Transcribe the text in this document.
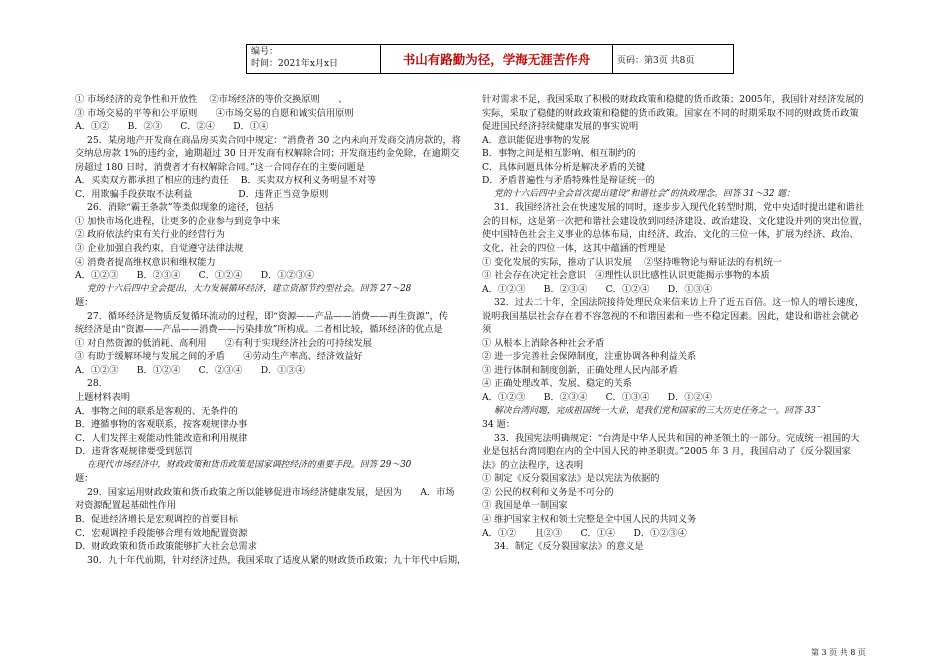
编号：
时间：2021年x月x日	书山有路勤为径，学海无涯苦作舟	页码：第3页 共8页

① 市场经济的竞争性和开放性　 ②市场经济的等价交换原则　　、

③ 市场交易的平等和公平原则　　④市场交易的自愿和诚实信用原则

A．①②　　B．②③　　C．②④　　D．①④

25．某房地产开发商在商品房买卖合同中规定：“消费者 30 之内未向开发商交清房款的，将

交纳总房款 1%的违约金，逾期超过 30 日开发商有权解除合同；开发商违约金免除，在逾期交

房超过 180 日时，消费者才有权解除合同。”这一合同存在的主要问题是

A．买卖双方都承担了相应的违约责任　 B．买卖双方权利义务明显不对等

C．用欺骗手段获取不法利益　　　　　D．违背正当竞争原则

26．消除“霸王条款”等类似现象的途径，包括

① 加快市场化进程，让更多的企业参与到竞争中来

② 政府依法约束有关行业的经营行为

③ 企业加强自我约束，自觉遵守法律法规

④ 消费者提高维权意识和维权能力

A．①②③　　B．②③④　　C．①②④　　D．①②③④

党的十六后四中全会提出，大力发展循环经济，建立资源节约型社会。回答 27～28

题：

27．循环经济是物质反复循环流动的过程，即“资源——产品——消费——再生资源”，传

统经济是由“资源——产品——消费——污染排放”所构成。二者相比较，循环经济的优点是

① 对自然资源的低消耗、高利用　　②有利于实现经济社会的可持续发展

③ 有助于缓解环境与发展之间的矛盾　　④劳动生产率高、经济效益好

A．①②③　　B．①②④　　C．②③④　　D．①③④

28．

上题材料表明

A．事物之间的联系是客观的、无条件的

B．遵循事物的客观联系，按客观规律办事

C．人们发挥主观能动性能改造和利用规律

D．违背客观规律要受到惩罚

在现代市场经济中，财政政策和货币政策是国家调控经济的重要手段。回答 29～30

题：

29．国家运用财政政策和货币政策之所以能够促进市场经济健康发展，是因为　　A．市场

对资源配置起基础性作用

B．促进经济增长是宏观调控的首要目标

C．宏观调控手段能够合理有效地配置资源

D．财政政策和货币政策能够扩大社会总需求

30．九十年代前期，针对经济过热，我国采取了适度从紧的财政货币政策；九十年代中后期，

针对需求不足，我国采取了积极的财政政策和稳健的货币政策；2005年，我国针对经济发展的

实际，采取了稳健的财政政策和稳健的货币政策。国家在不同的时期采取不同的财政货币政策

促进国民经济持续健康发展的事实说明

A．意识能促进事物的发展

B．事物之间是相互影响、相互制约的

C．具体问题具体分析是解决矛盾的关键

D．矛盾普遍性与矛盾特殊性是辩证统一的

党的十六后四中全会首次提出建设“和谐社会”的执政理念。回答 31～32 题：

31．我国经济社会在快速发展的同时，逐步步入现代化转型时期，党中央适时提出建和谐社

会的目标，这是第一次把和谐社会建设放到同经济建设、政治建设、文化建设并列的突出位置，

使中国特色社会主义事业的总体布局，由经济、政治、文化的三位一体，扩展为经济、政治、

文化、社会的四位一体，这其中蕴涵的哲理是

① 变化发展的实际，推动了认识发展　 ②坚持唯物论与辩证法的有机统一

③ 社会存在决定社会意识　④理性认识比感性认识更能揭示事物的本质

A．①②③　　B．②③④　　C．①②④　　D．①③④

32．过去二十年，全国法院接待处理民众来信来访上升了近五百倍。这一惊人的增长速度，

说明我国基层社会存在着不容忽视的不和谐因素和一些不稳定因素。因此，建设和谐社会就必

须

① 从根本上消除各种社会矛盾

② 进一步完善社会保障制度，注重协调各种利益关系

③ 进行体制和制度创新，正确处理人民内部矛盾

④ 正确处理改革、发展、稳定的关系

A．①②③　　B．②③④　　C．①③④　　D．①②④

解决台湾问题，完成祖国统一大业，是我们党和国家的三大历史任务之一。回答 33¯

34 题：

33．我国宪法明确规定：“台湾是中华人民共和国的神圣领土的一部分。完成统一祖国的大

业是包括台湾同胞在内的全中国人民的神圣职责。”2005 年 3 月，我国启动了《反分裂国家

法》的立法程序，这表明

① 制定《反分裂国家法》是以宪法为依据的

② 公民的权利和义务是不可分的

③ 我国是单一制国家

④ 维护国家主权和领土完整是全中国人民的共同义务

A．①②　　且②③　　C．①④　　D．①②③④

34．制定《反分裂国家法》的意义是

第 3 页 共 8 页
